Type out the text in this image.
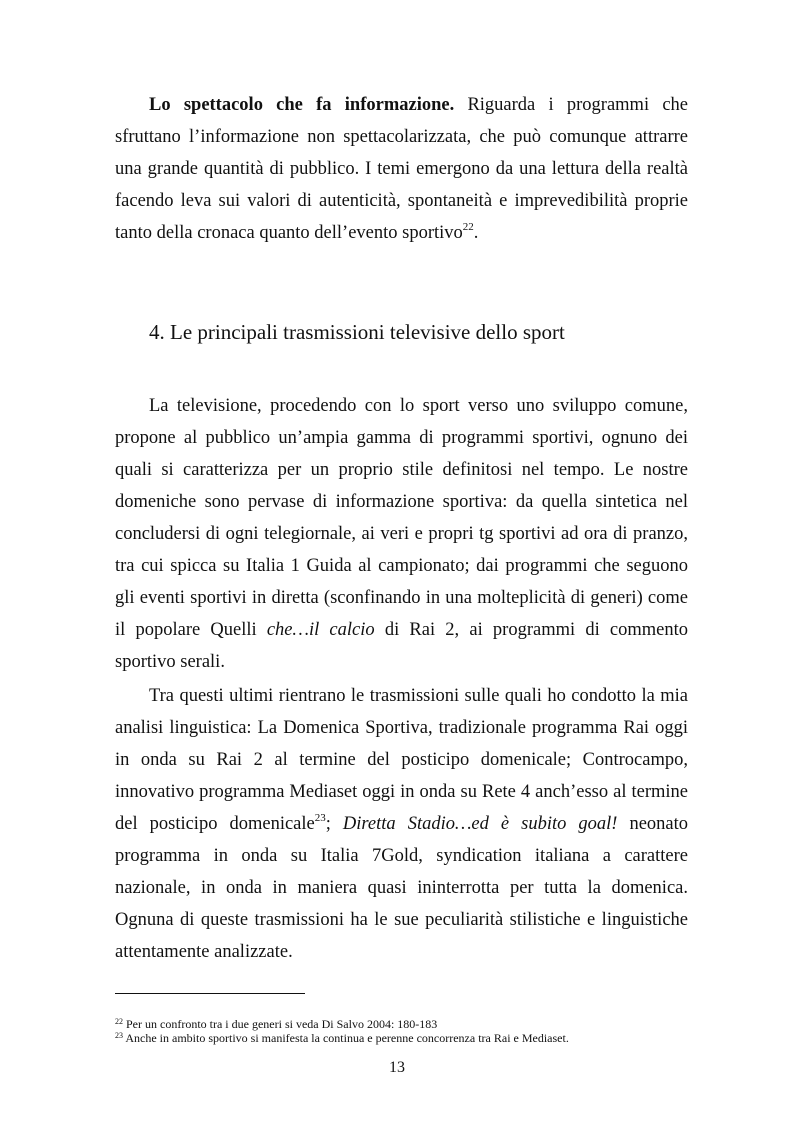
Lo spettacolo che fa informazione. Riguarda i programmi che
sfruttano l’informazione non spettacolarizzata, che può comunque attrarre
una grande quantità di pubblico. I temi emergono da una lettura della realtà
facendo leva sui valori di autenticità, spontaneità e imprevedibilità proprie
tanto della cronaca quanto dell’evento sportivo$^{22}$.
4. Le principali trasmissioni televisive dello sport
La televisione, procedendo con lo sport verso uno sviluppo comune,
propone al pubblico un’ampia gamma di programmi sportivi, ognuno dei
quali si caratterizza per un proprio stile definitosi nel tempo. Le nostre
domeniche sono pervase di informazione sportiva: da quella sintetica nel
concludersi di ogni telegiornale, ai veri e propri tg sportivi ad ora di pranzo,
tra cui spicca su Italia 1 Guida al campionato; dai programmi che seguono
gli eventi sportivi in diretta (sconfinando in una molteplicità di generi) come
il popolare Quelli che…il calcio di Rai 2, ai programmi di commento
sportivo serali.
Tra questi ultimi rientrano le trasmissioni sulle quali ho condotto la mia
analisi linguistica: La Domenica Sportiva, tradizionale programma Rai oggi
in onda su Rai 2 al termine del posticipo domenicale; Controcampo,
innovativo programma Mediaset oggi in onda su Rete 4 anch’esso al termine
del posticipo domenicale$^{23}$; Diretta Stadio…ed è subito goal! neonato
programma in onda su Italia 7Gold, syndication italiana a carattere
nazionale, in onda in maniera quasi ininterrotta per tutta la domenica.
Ognuna di queste trasmissioni ha le sue peculiarità stilistiche e linguistiche
attentamente analizzate.
$^{22}$ Per un confronto tra i due generi si veda Di Salvo 2004: 180-183
$^{23}$ Anche in ambito sportivo si manifesta la continua e perenne concorrenza tra Rai e Mediaset.
13
